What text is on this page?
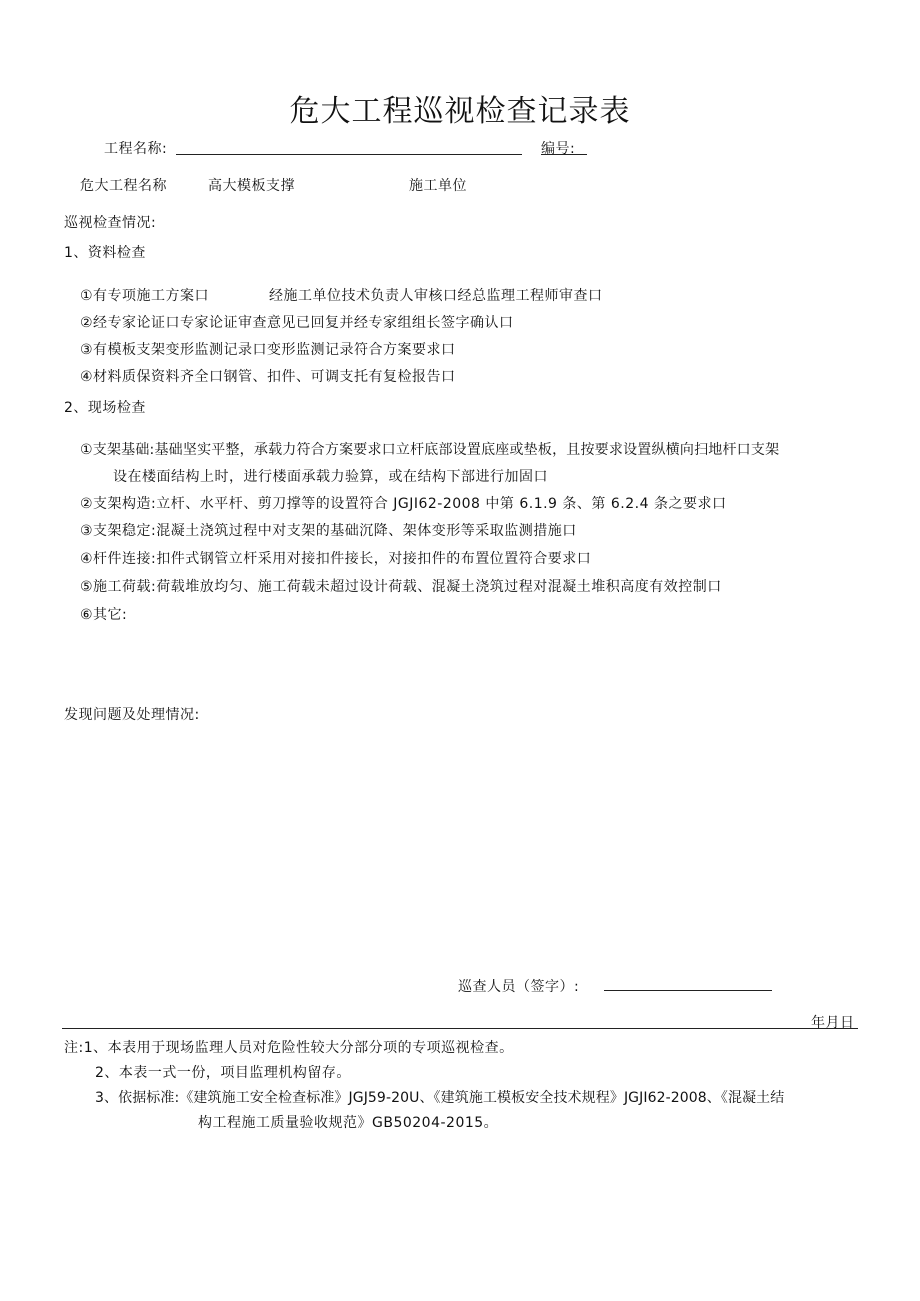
危大工程巡视检查记录表
工程名称:	编号:
危大工程名称	高大模板支撑	施工单位
巡视检查情况:
1、资料检查
①有专项施工方案口	经施工单位技术负责人审核口经总监理工程师审查口
②经专家论证口专家论证审查意见已回复并经专家组组长签字确认口
③有模板支架变形监测记录口变形监测记录符合方案要求口
④材料质保资料齐全口钢管、扣件、可调支托有复检报告口
2、现场检查
①支架基础:基础坚实平整，承载力符合方案要求口立杆底部设置底座或垫板，且按要求设置纵横向扫地杆口支架
设在楼面结构上时，进行楼面承载力验算，或在结构下部进行加固口
②支架构造:立杆、水平杆、剪刀撑等的设置符合 JGJI62-2008 中第 6.1.9 条、第 6.2.4 条之要求口
③支架稳定:混凝土浇筑过程中对支架的基础沉降、架体变形等采取监测措施口
④杆件连接:扣件式钢管立杆采用对接扣件接长，对接扣件的布置位置符合要求口
⑤施工荷载:荷载堆放均匀、施工荷载未超过设计荷载、混凝土浇筑过程对混凝土堆积高度有效控制口
⑥其它:
发现问题及处理情况:
巡查人员（签字）:
年月日
注:1、本表用于现场监理人员对危险性较大分部分项的专项巡视检查。
2、本表一式一份，项目监理机构留存。
3、依据标准:《建筑施工安全检查标准》JGJ59-20U、《建筑施工模板安全技术规程》JGJI62-2008、《混凝土结
构工程施工质量验收规范》GB50204-2015。
